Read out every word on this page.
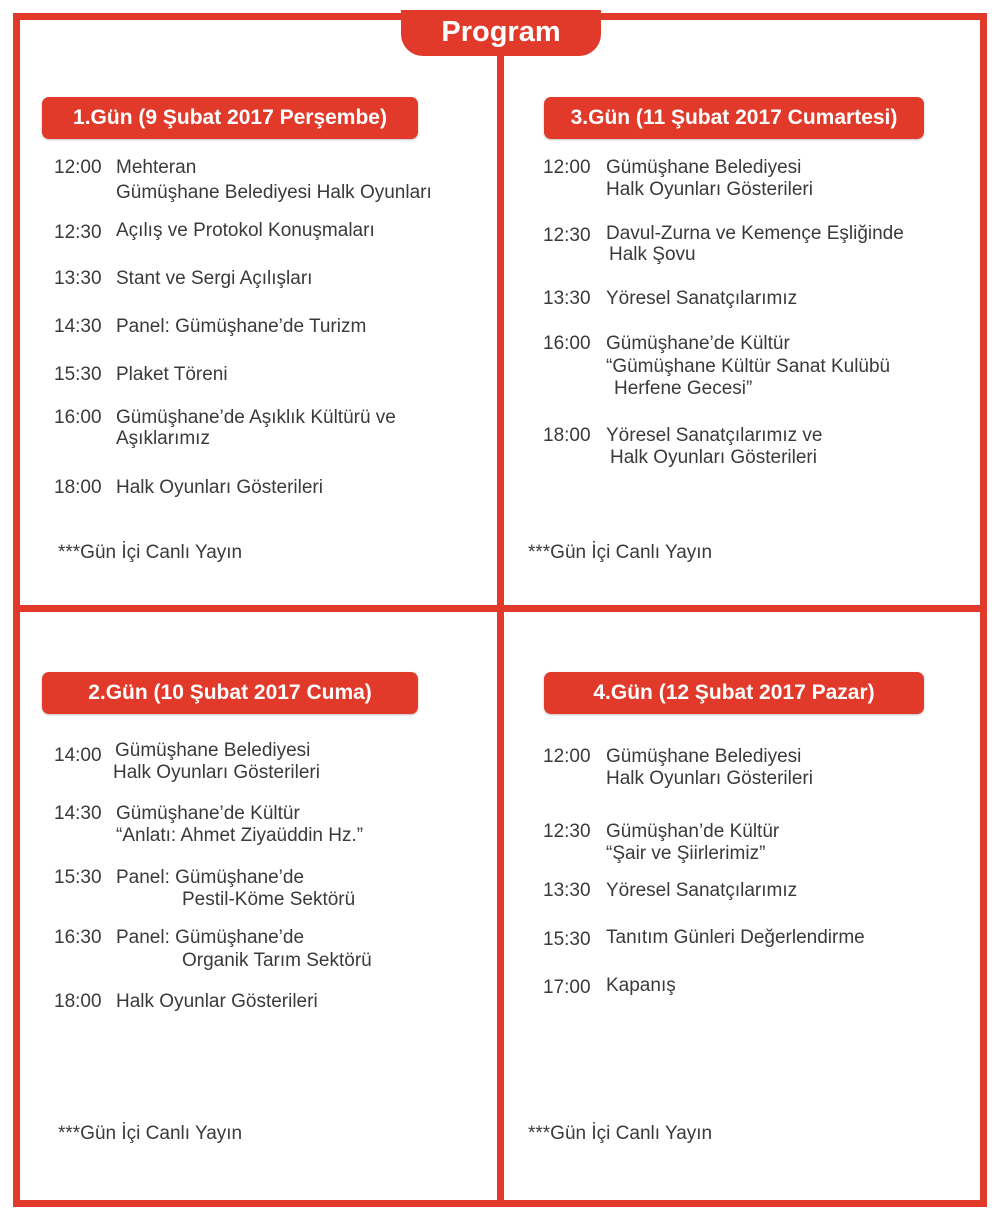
Program
1.Gün (9 Şubat 2017 Perşembe)
12:00 Mehteran
Gümüşhane Belediyesi Halk Oyunları
12:30 Açılış ve Protokol Konuşmaları
13:30 Stant ve Sergi Açılışları
14:30 Panel: Gümüşhane’de Turizm
15:30 Plaket Töreni
16:00 Gümüşhane’de Aşıklık Kültürü ve
Aşıklarımız
18:00 Halk Oyunları Gösterileri
***Gün İçi Canlı Yayın
3.Gün (11 Şubat 2017 Cumartesi)
12:00 Gümüşhane Belediyesi
Halk Oyunları Gösterileri
12:30 Davul-Zurna ve Kemençe Eşliğinde
Halk Şovu
13:30 Yöresel Sanatçılarımız
16:00 Gümüşhane’de Kültür
“Gümüşhane Kültür Sanat Kulübü
Herfene Gecesi”
18:00 Yöresel Sanatçılarımız ve
Halk Oyunları Gösterileri
***Gün İçi Canlı Yayın
2.Gün (10 Şubat 2017 Cuma)
14:00 Gümüşhane Belediyesi
Halk Oyunları Gösterileri
14:30 Gümüşhane’de Kültür
“Anlatı: Ahmet Ziyaüddin Hz.”
15:30 Panel: Gümüşhane’de
Pestil-Köme Sektörü
16:30 Panel: Gümüşhane’de
Organik Tarım Sektörü
18:00 Halk Oyunlar Gösterileri
***Gün İçi Canlı Yayın
4.Gün (12 Şubat 2017 Pazar)
12:00 Gümüşhane Belediyesi
Halk Oyunları Gösterileri
12:30 Gümüşhan’de Kültür
“Şair ve Şiirlerimiz”
13:30 Yöresel Sanatçılarımız
15:30 Tanıtım Günleri Değerlendirme
17:00 Kapanış
***Gün İçi Canlı Yayın
